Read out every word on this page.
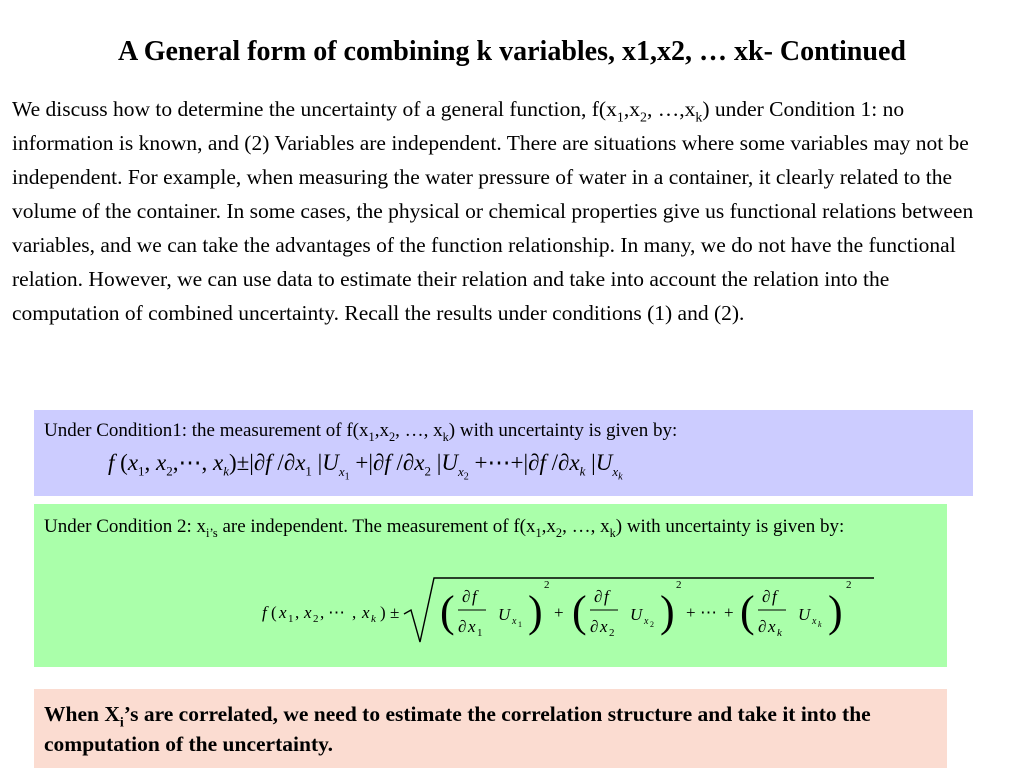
A General form of combining k variables, x1,x2, … xk- Continued
We discuss how to determine the uncertainty of a general function, $f(x_1,x_2$, $\dots,x_k$) under Condition 1: no information is known, and (2) Variables are independent. There are situations where some variables may not be independent. For example, when measuring the water pressure of water in a container, it clearly related to the volume of the container. In some cases, the physical or chemical properties give us functional relations between variables, and we can take the advantages of the function relationship. In many, we do not have the functional relation. However, we can use data to estimate their relation and take into account the relation into the computation of combined uncertainty. Recall the results under conditions (1) and (2).
Under Condition1: the measurement of $f(x_1,x_2$, …, $x_k$) with uncertainty is given by:
f ($x_1$, $x_2,\cdots$, $x_k)\pm|\partial f$ $/\partial x_1$ $|U_{x_1} +|\partial f$ $/\partial x_2$ $|U_{x_2}$ +⋯+|∂f $/\partial x_k$ $|U_{x_k}$
Under Condition 2: $x_{i’s}$ are independent. The measurement of $f(x_1,x_2$, …, $x_k$) with uncertainty is given by:
f ( x 1 , x 2 , ⋯ , x k ) ± ( ∂ f
∂ x 1
U x 1 )
2
+ ( ∂ f
∂ x 2
U x 2 )
2
+ ⋯ + ( ∂ f
∂ x k
U x k )
2
When $X_i’s$ are correlated, we need to estimate the correlation structure and take it into the computation of the uncertainty.
